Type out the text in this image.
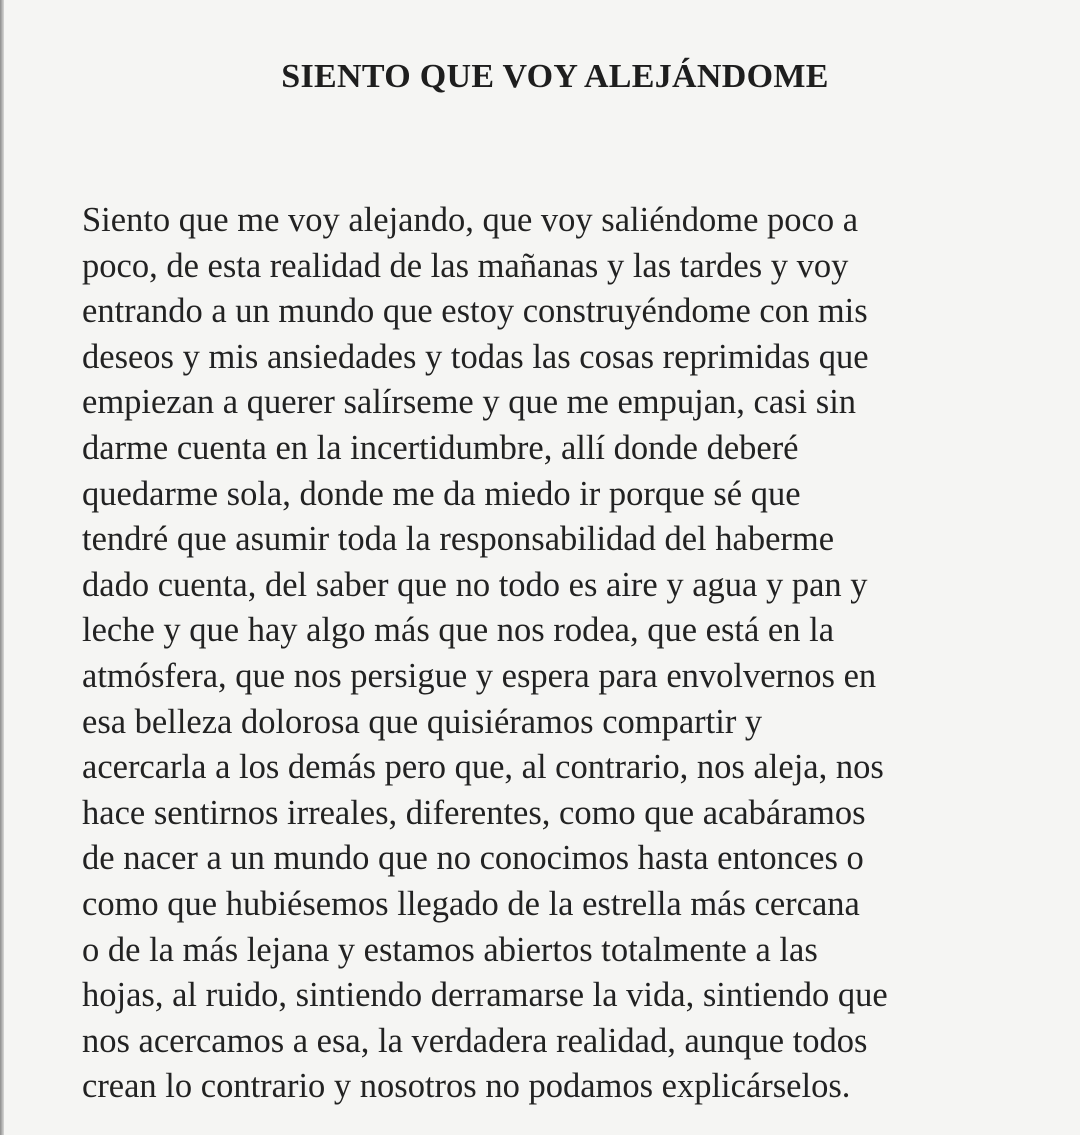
SIENTO QUE VOY ALEJÁNDOME

Siento que me voy alejando, que voy saliéndome poco a
poco, de esta realidad de las mañanas y las tardes y voy
entrando a un mundo que estoy construyéndome con mis
deseos y mis ansiedades y todas las cosas reprimidas que
empiezan a querer salírseme y que me empujan, casi sin
darme cuenta en la incertidumbre, allí donde deberé
quedarme sola, donde me da miedo ir porque sé que
tendré que asumir toda la responsabilidad del haberme
dado cuenta, del saber que no todo es aire y agua y pan y
leche y que hay algo más que nos rodea, que está en la
atmósfera, que nos persigue y espera para envolvernos en
esa belleza dolorosa que quisiéramos compartir y
acercarla a los demás pero que, al contrario, nos aleja, nos
hace sentirnos irreales, diferentes, como que acabáramos
de nacer a un mundo que no conocimos hasta entonces o
como que hubiésemos llegado de la estrella más cercana
o de la más lejana y estamos abiertos totalmente a las
hojas, al ruido, sintiendo derramarse la vida, sintiendo que
nos acercamos a esa, la verdadera realidad, aunque todos
crean lo contrario y nosotros no podamos explicárselos.
